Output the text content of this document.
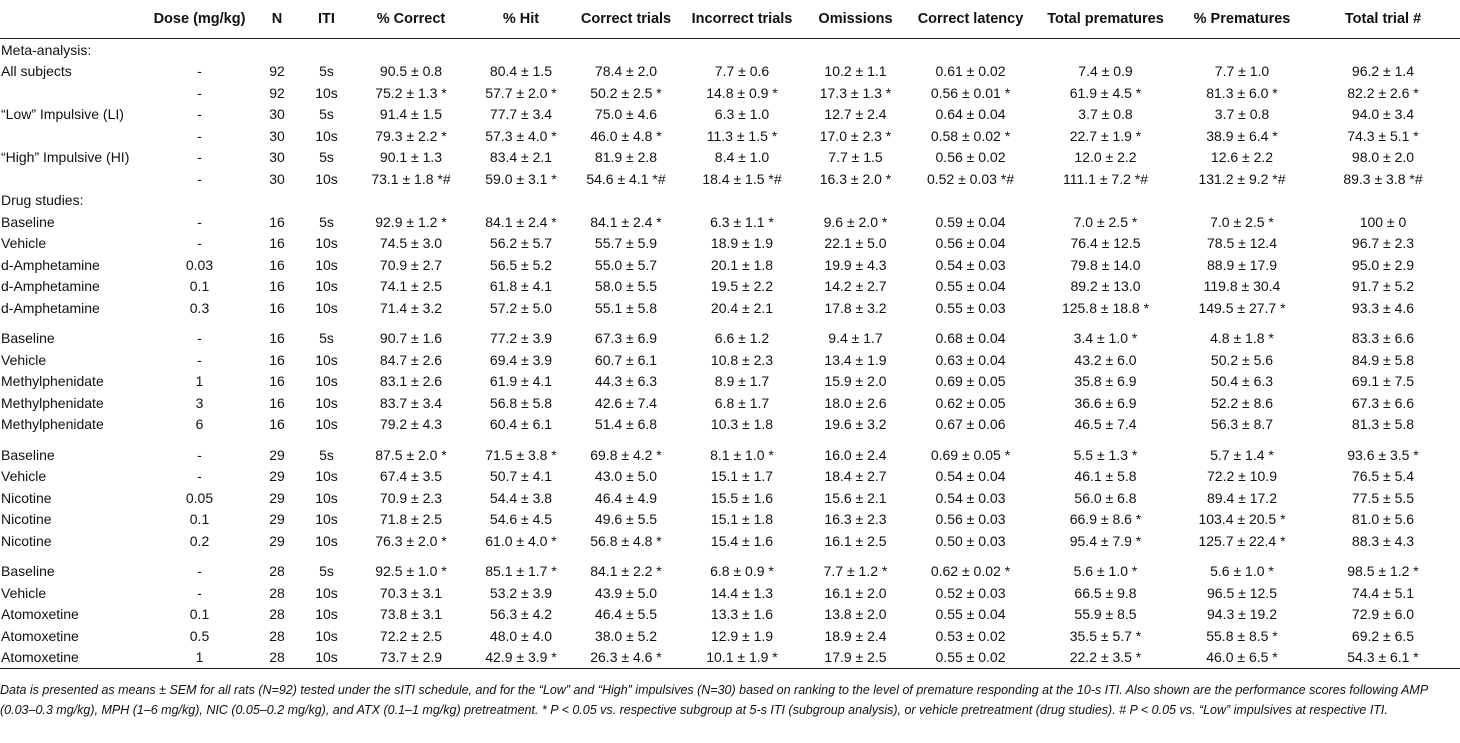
	Dose (mg/kg)	N	ITI	% Correct	% Hit	Correct trials	Incorrect trials	Omissions	Correct latency	Total prematures	% Prematures	Total trial #
Meta-analysis:												
All subjects	-	92	5s	90.5 ± 0.8	80.4 ± 1.5	78.4 ± 2.0	7.7 ± 0.6	10.2 ± 1.1	0.61 ± 0.02	7.4 ± 0.9	7.7 ± 1.0	96.2 ± 1.4
	-	92	10s	75.2 ± 1.3 *	57.7 ± 2.0 *	50.2 ± 2.5 *	14.8 ± 0.9 *	17.3 ± 1.3 *	0.56 ± 0.01 *	61.9 ± 4.5 *	81.3 ± 6.0 *	82.2 ± 2.6 *
“Low” Impulsive (LI)	-	30	5s	91.4 ± 1.5	77.7 ± 3.4	75.0 ± 4.6	6.3 ± 1.0	12.7 ± 2.4	0.64 ± 0.04	3.7 ± 0.8	3.7 ± 0.8	94.0 ± 3.4
	-	30	10s	79.3 ± 2.2 *	57.3 ± 4.0 *	46.0 ± 4.8 *	11.3 ± 1.5 *	17.0 ± 2.3 *	0.58 ± 0.02 *	22.7 ± 1.9 *	38.9 ± 6.4 *	74.3 ± 5.1 *
“High” Impulsive (HI)	-	30	5s	90.1 ± 1.3	83.4 ± 2.1	81.9 ± 2.8	8.4 ± 1.0	7.7 ± 1.5	0.56 ± 0.02	12.0 ± 2.2	12.6 ± 2.2	98.0 ± 2.0
	-	30	10s	73.1 ± 1.8 *#	59.0 ± 3.1 *	54.6 ± 4.1 *#	18.4 ± 1.5 *#	16.3 ± 2.0 *	0.52 ± 0.03 *#	111.1 ± 7.2 *#	131.2 ± 9.2 *#	89.3 ± 3.8 *#
Drug studies:												
Baseline	-	16	5s	92.9 ± 1.2 *	84.1 ± 2.4 *	84.1 ± 2.4 *	6.3 ± 1.1 *	9.6 ± 2.0 *	0.59 ± 0.04	7.0 ± 2.5 *	7.0 ± 2.5 *	100 ± 0
Vehicle	-	16	10s	74.5 ± 3.0	56.2 ± 5.7	55.7 ± 5.9	18.9 ± 1.9	22.1 ± 5.0	0.56 ± 0.04	76.4 ± 12.5	78.5 ± 12.4	96.7 ± 2.3
d-Amphetamine	0.03	16	10s	70.9 ± 2.7	56.5 ± 5.2	55.0 ± 5.7	20.1 ± 1.8	19.9 ± 4.3	0.54 ± 0.03	79.8 ± 14.0	88.9 ± 17.9	95.0 ± 2.9
d-Amphetamine	0.1	16	10s	74.1 ± 2.5	61.8 ± 4.1	58.0 ± 5.5	19.5 ± 2.2	14.2 ± 2.7	0.55 ± 0.04	89.2 ± 13.0	119.8 ± 30.4	91.7 ± 5.2
d-Amphetamine	0.3	16	10s	71.4 ± 3.2	57.2 ± 5.0	55.1 ± 5.8	20.4 ± 2.1	17.8 ± 3.2	0.55 ± 0.03	125.8 ± 18.8 *	149.5 ± 27.7 *	93.3 ± 4.6
Baseline	-	16	5s	90.7 ± 1.6	77.2 ± 3.9	67.3 ± 6.9	6.6 ± 1.2	9.4 ± 1.7	0.68 ± 0.04	3.4 ± 1.0 *	4.8 ± 1.8 *	83.3 ± 6.6
Vehicle	-	16	10s	84.7 ± 2.6	69.4 ± 3.9	60.7 ± 6.1	10.8 ± 2.3	13.4 ± 1.9	0.63 ± 0.04	43.2 ± 6.0	50.2 ± 5.6	84.9 ± 5.8
Methylphenidate	1	16	10s	83.1 ± 2.6	61.9 ± 4.1	44.3 ± 6.3	8.9 ± 1.7	15.9 ± 2.0	0.69 ± 0.05	35.8 ± 6.9	50.4 ± 6.3	69.1 ± 7.5
Methylphenidate	3	16	10s	83.7 ± 3.4	56.8 ± 5.8	42.6 ± 7.4	6.8 ± 1.7	18.0 ± 2.6	0.62 ± 0.05	36.6 ± 6.9	52.2 ± 8.6	67.3 ± 6.6
Methylphenidate	6	16	10s	79.2 ± 4.3	60.4 ± 6.1	51.4 ± 6.8	10.3 ± 1.8	19.6 ± 3.2	0.67 ± 0.06	46.5 ± 7.4	56.3 ± 8.7	81.3 ± 5.8
Baseline	-	29	5s	87.5 ± 2.0 *	71.5 ± 3.8 *	69.8 ± 4.2 *	8.1 ± 1.0 *	16.0 ± 2.4	0.69 ± 0.05 *	5.5 ± 1.3 *	5.7 ± 1.4 *	93.6 ± 3.5 *
Vehicle	-	29	10s	67.4 ± 3.5	50.7 ± 4.1	43.0 ± 5.0	15.1 ± 1.7	18.4 ± 2.7	0.54 ± 0.04	46.1 ± 5.8	72.2 ± 10.9	76.5 ± 5.4
Nicotine	0.05	29	10s	70.9 ± 2.3	54.4 ± 3.8	46.4 ± 4.9	15.5 ± 1.6	15.6 ± 2.1	0.54 ± 0.03	56.0 ± 6.8	89.4 ± 17.2	77.5 ± 5.5
Nicotine	0.1	29	10s	71.8 ± 2.5	54.6 ± 4.5	49.6 ± 5.5	15.1 ± 1.8	16.3 ± 2.3	0.56 ± 0.03	66.9 ± 8.6 *	103.4 ± 20.5 *	81.0 ± 5.6
Nicotine	0.2	29	10s	76.3 ± 2.0 *	61.0 ± 4.0 *	56.8 ± 4.8 *	15.4 ± 1.6	16.1 ± 2.5	0.50 ± 0.03	95.4 ± 7.9 *	125.7 ± 22.4 *	88.3 ± 4.3
Baseline	-	28	5s	92.5 ± 1.0 *	85.1 ± 1.7 *	84.1 ± 2.2 *	6.8 ± 0.9 *	7.7 ± 1.2 *	0.62 ± 0.02 *	5.6 ± 1.0 *	5.6 ± 1.0 *	98.5 ± 1.2 *
Vehicle	-	28	10s	70.3 ± 3.1	53.2 ± 3.9	43.9 ± 5.0	14.4 ± 1.3	16.1 ± 2.0	0.52 ± 0.03	66.5 ± 9.8	96.5 ± 12.5	74.4 ± 5.1
Atomoxetine	0.1	28	10s	73.8 ± 3.1	56.3 ± 4.2	46.4 ± 5.5	13.3 ± 1.6	13.8 ± 2.0	0.55 ± 0.04	55.9 ± 8.5	94.3 ± 19.2	72.9 ± 6.0
Atomoxetine	0.5	28	10s	72.2 ± 2.5	48.0 ± 4.0	38.0 ± 5.2	12.9 ± 1.9	18.9 ± 2.4	0.53 ± 0.02	35.5 ± 5.7 *	55.8 ± 8.5 *	69.2 ± 6.5
Atomoxetine	1	28	10s	73.7 ± 2.9	42.9 ± 3.9 *	26.3 ± 4.6 *	10.1 ± 1.9 *	17.9 ± 2.5	0.55 ± 0.02	22.2 ± 3.5 *	46.0 ± 6.5 *	54.3 ± 6.1 *
Data is presented as means ± SEM for all rats (N=92) tested under the sITI schedule, and for the “Low” and “High” impulsives (N=30) based on ranking to the level of premature responding at the 10-s ITI. Also shown are the performance scores following AMP (0.03–0.3 mg/kg), MPH (1–6 mg/kg), NIC (0.05–0.2 mg/kg), and ATX (0.1–1 mg/kg) pretreatment. * P < 0.05 vs. respective subgroup at 5-s ITI (subgroup analysis), or vehicle pretreatment (drug studies). # P < 0.05 vs. “Low” impulsives at respective ITI.
